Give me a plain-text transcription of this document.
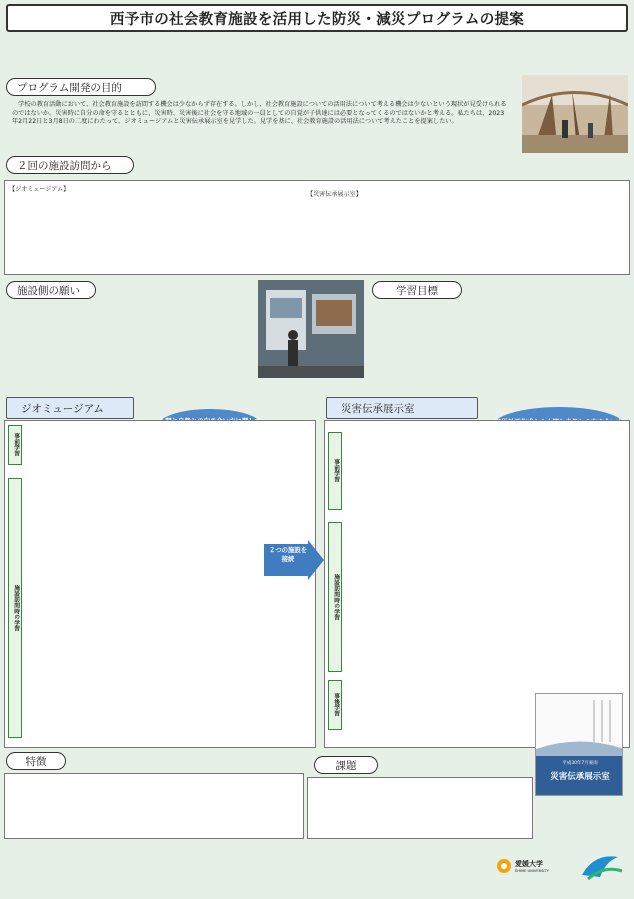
西予市の社会教育施設を活用した防災・減災プログラムの提案
プログラム開発の目的
　学校の教育活動において、社会教育施設を訪問する機会は少なからず存在する。しかし、社会教育施設についての活用法について考える機会は少ないという現状が見受けられるのではないか。災害時に自分の命を守るとともに、災害時、災害後に社会を守る地域の一員としての自覚が子供達には必要となってくるのではないかと考える。私たちは、2023年2月22日と3月8日の二度にわたって、ジオミュージアムと災害伝承展示室を見学した。見学を基に、社会教育施設の活用法について考えたことを提案したい。
２回の施設訪問から
【ジオミュージアム】
【災害伝承展示室】
施設側の願い	学習目標
ジオミュージアム
事前学習
施設訪問時の学習
２つの施設を接続
災害伝承展示室
事前学習
施設訪問時の学習
事後学習
平成30年7月豪雨
災害伝承展示室
特徴	課題
愛媛大学
EHIME UNIVERSITY
